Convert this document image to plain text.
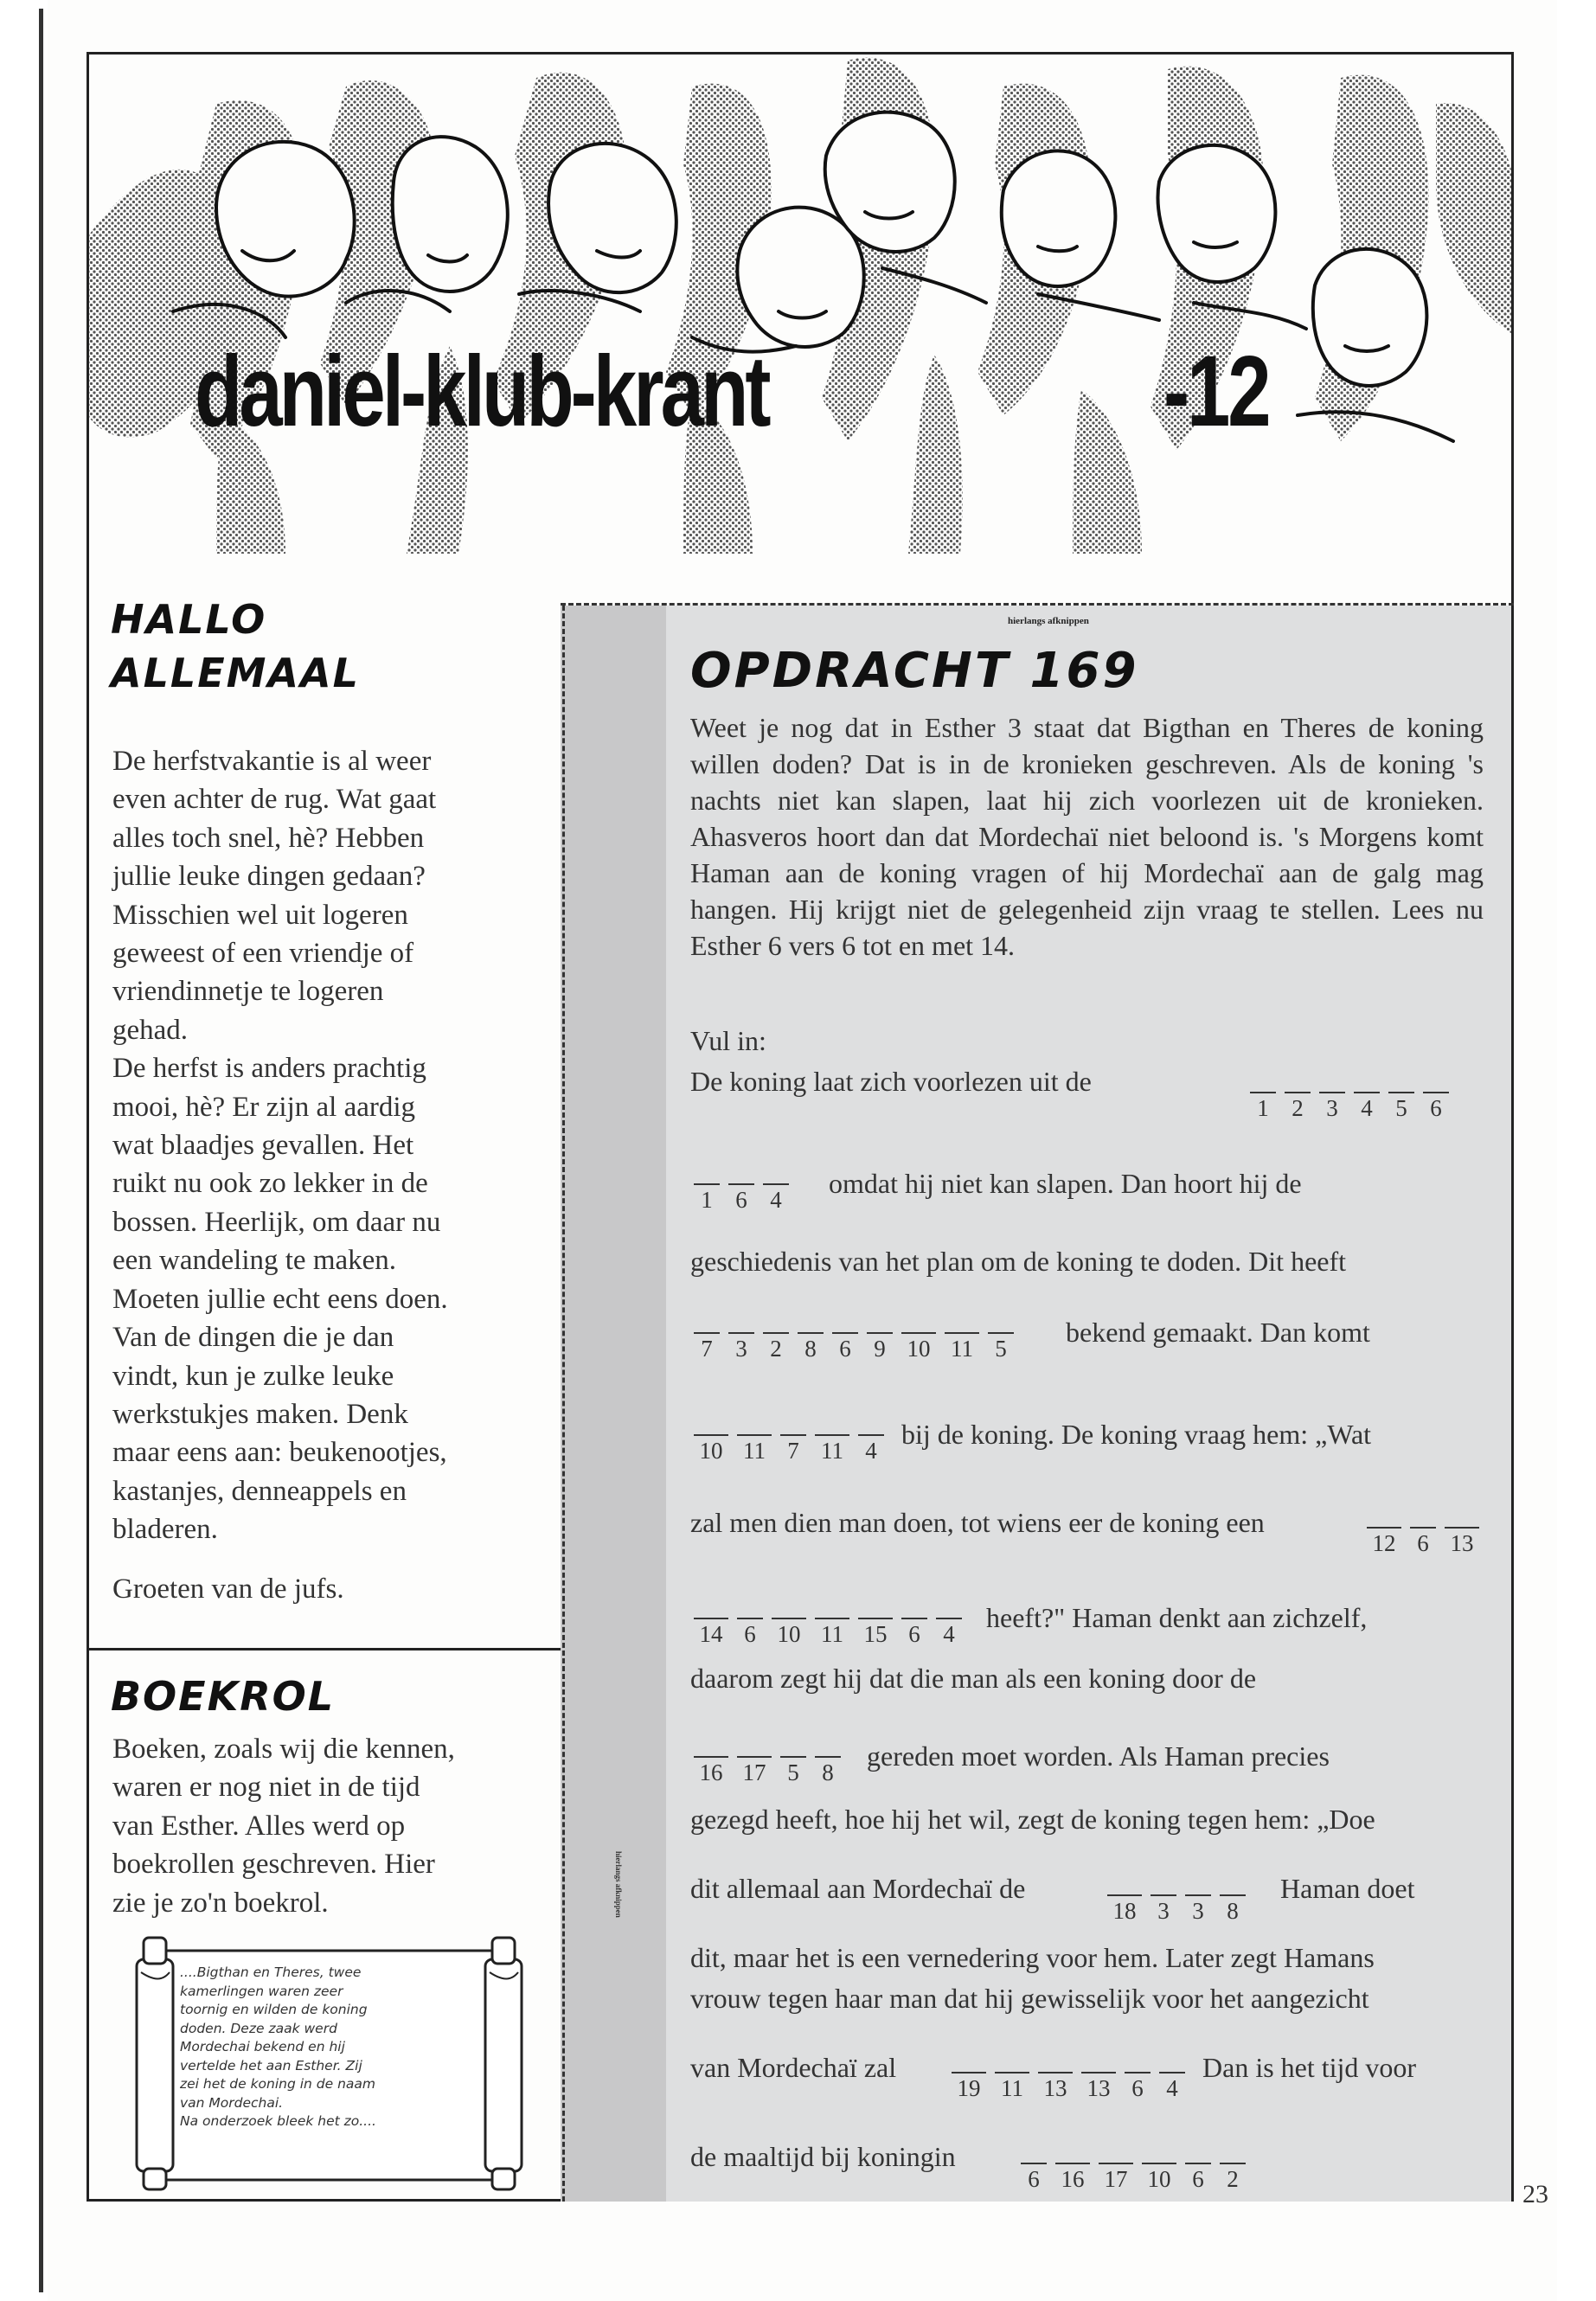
daniel-klub-krant	-12
HALLO
ALLEMAAL
De herfstvakantie is al weer
even achter de rug. Wat gaat
alles toch snel, hè? Hebben
jullie leuke dingen gedaan?
Misschien wel uit logeren
geweest of een vriendje of
vriendinnetje te logeren
gehad.
De herfst is anders prachtig
mooi, hè? Er zijn al aardig
wat blaadjes gevallen. Het
ruikt nu ook zo lekker in de
bossen. Heerlijk, om daar nu
een wandeling te maken.
Moeten jullie echt eens doen.
Van de dingen die je dan
vindt, kun je zulke leuke
werkstukjes maken. Denk
maar eens aan: beukenootjes,
kastanjes, denneappels en
bladeren.
Groeten van de jufs.
BOEKROL
Boeken, zoals wij die kennen,
waren er nog niet in de tijd
van Esther. Alles werd op
boekrollen geschreven. Hier
zie je zo'n boekrol.
....Bigthan en Theres, twee
kamerlingen waren zeer
toornig en wilden de koning
doden. Deze zaak werd
Mordechai bekend en hij
vertelde het aan Esther. Zij
zei het de koning in de naam
van Mordechai.
Na onderzoek bleek het zo....
hierlangs afknippen
hierlangs afknippen
OPDRACHT 169
Weet je nog dat in Esther 3 staat dat Bigthan en Theres de koning willen doden? Dat is in de kronieken geschreven. Als de koning 's nachts niet kan slapen, laat hij zich voorlezen uit de kronieken. Ahasveros hoort dan dat Mordechaï niet beloond is. 's Morgens komt Haman aan de koning vragen of hij Mordechaï aan de galg mag hangen. Hij krijgt niet de gelegenheid zijn vraag te stellen. Lees nu Esther 6 vers 6 tot en met 14.
Vul in:
De koning laat zich voorlezen uit de
1 2 3 4 5 6
1 6 4
omdat hij niet kan slapen. Dan hoort hij de
geschiedenis van het plan om de koning te doden. Dit heeft
7 3 2 8 6 9 10 11 5
bekend gemaakt. Dan komt
10 11 7 11 4
bij de koning. De koning vraag hem: „Wat
zal men dien man doen, tot wiens eer de koning een
12 6 13
14 6 10 11 15 6 4
heeft?" Haman denkt aan zichzelf,
daarom zegt hij dat die man als een koning door de
16 17 5 8
gereden moet worden. Als Haman precies
gezegd heeft, hoe hij het wil, zegt de koning tegen hem: „Doe
dit allemaal aan Mordechaï de
18 3 3 8
Haman doet
dit, maar het is een vernedering voor hem. Later zegt Hamans
vrouw tegen haar man dat hij gewisselijk voor het aangezicht
van Mordechaï zal
19 11 13 13 6 4
Dan is het tijd voor
de maaltijd bij koningin
6 16 17 10 6 2
23
